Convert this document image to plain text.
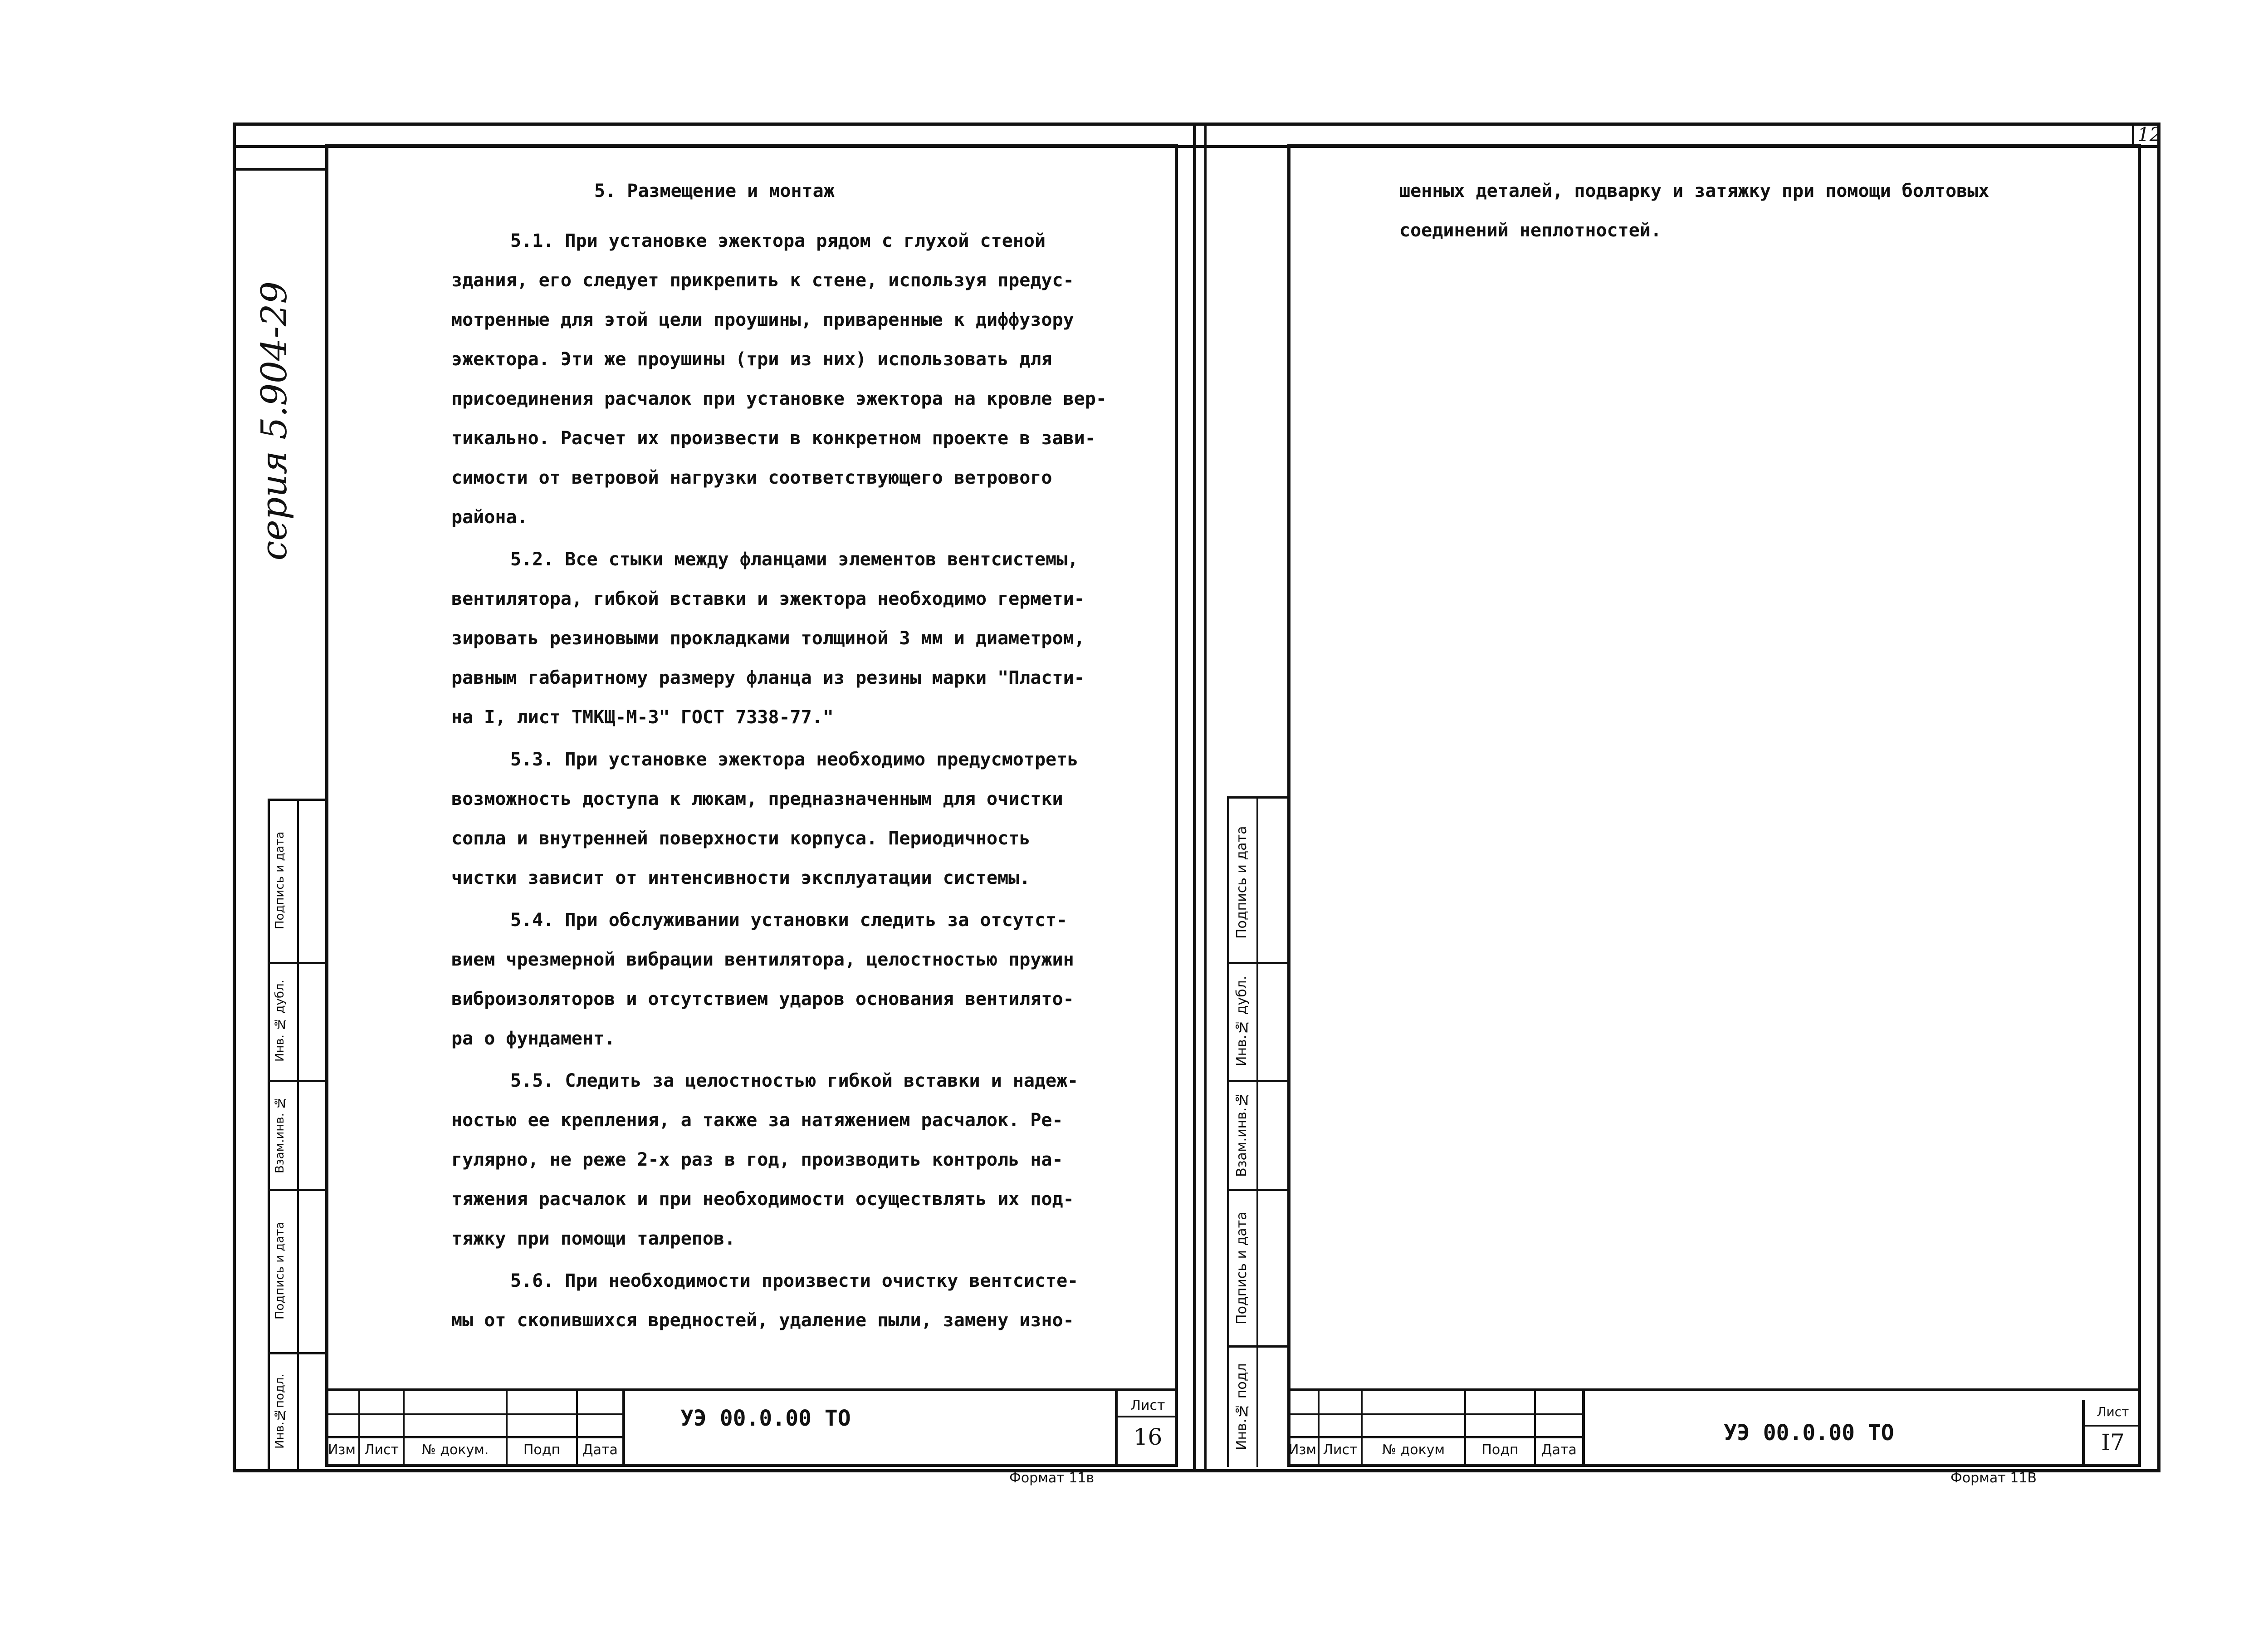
12
серия 5.904-29
Подпись и дата
Инв. № дубл.
Взам.инв. №
Подпись и дата
Инв.№подл.
5. Размещение и монтаж
5.1. При установке эжектора рядом с глухой стеной
здания, его следует прикрепить к стене, используя предус-
мотренные для этой цели проушины, приваренные к диффузору
эжектора. Эти же проушины (три из них) использовать для
присоединения расчалок при установке эжектора на кровле вер-
тикально. Расчет их произвести в конкретном проекте в зави-
симости от ветровой нагрузки соответствующего ветрового
района.
5.2. Все стыки между фланцами элементов вентсистемы,
вентилятора, гибкой вставки и эжектора необходимо гермети-
зировать резиновыми прокладками толщиной 3 мм и диаметром,
равным габаритному размеру фланца из резины марки "Пласти-
на I, лист ТМКЩ-М-3" ГОСТ 7338-77."
5.3. При установке эжектора необходимо предусмотреть
возможность доступа к люкам, предназначенным для очистки
сопла и внутренней поверхности корпуса. Периодичность
чистки зависит от интенсивности эксплуатации системы.
5.4. При обслуживании установки следить за отсутст-
вием чрезмерной вибрации вентилятора, целостностью пружин
виброизоляторов и отсутствием ударов основания вентилято-
ра о фундамент.
5.5. Следить за целостностью гибкой вставки и надеж-
ностью ее крепления, а также за натяжением расчалок. Ре-
гулярно, не реже 2-х раз в год, производить контроль на-
тяжения расчалок и при необходимости осуществлять их под-
тяжку при помощи талрепов.
5.6. При необходимости произвести очистку вентсисте-
мы от скопившихся вредностей, удаление пыли, замену изно-
Изм Лист	№ докум.	Подп	Дата
УЭ 00.0.00 ТО
Лист
16
Формат 11в
Подпись и дата
Инв.№ дубл.
Взам.инв.№
Подпись и дата
Инв.№ подл
шенных деталей, подварку и затяжку при помощи болтовых
соединений неплотностей.
Изм Лист	№ докум	Подп	Дата
УЭ 00.0.00 ТО
Лист
I7
Формат 11В
